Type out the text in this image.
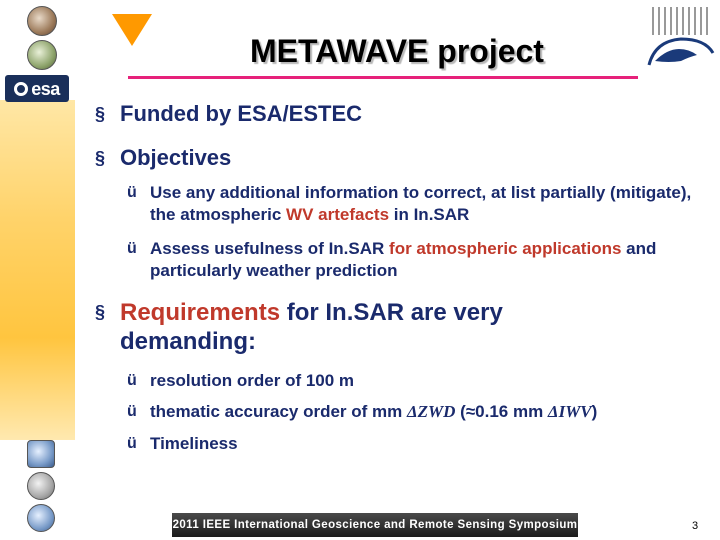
esa
METAWAVE project
§ Funded by ESA/ESTEC
§ Objectives
ü Use any additional information to correct, at list partially (mitigate), the atmospheric WV artefacts in In.SAR
ü Assess usefulness of In.SAR for atmospheric applications and particularly weather prediction
§ Requirements for In.SAR are very demanding:
ü resolution order of 100 m
ü thematic accuracy order of mm ΔZWD (≈0.16 mm ΔIWV)
ü Timeliness
2011 IEEE International Geoscience and Remote Sensing Symposium	3
